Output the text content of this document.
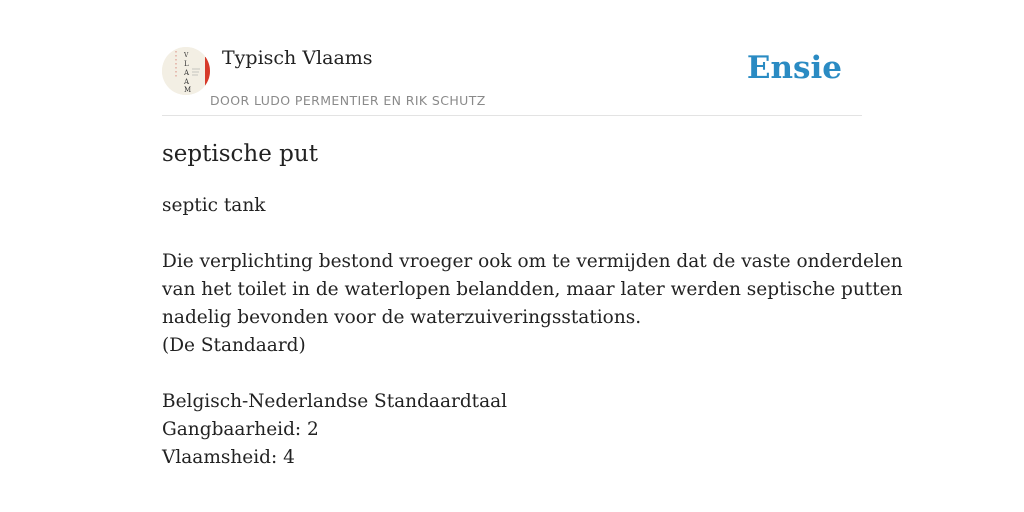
V
L
A
A
M
Typisch Vlaams
DOOR LUDO PERMENTIER EN RIK SCHUTZ
Ensie
septische put
septic tank
Die verplichting bestond vroeger ook om te vermijden dat de vaste onderdelen
van het toilet in de waterlopen belandden, maar later werden septische putten
nadelig bevonden voor de waterzuiveringsstations.
(De Standaard)
Belgisch-Nederlandse Standaardtaal
Gangbaarheid: 2
Vlaamsheid: 4
